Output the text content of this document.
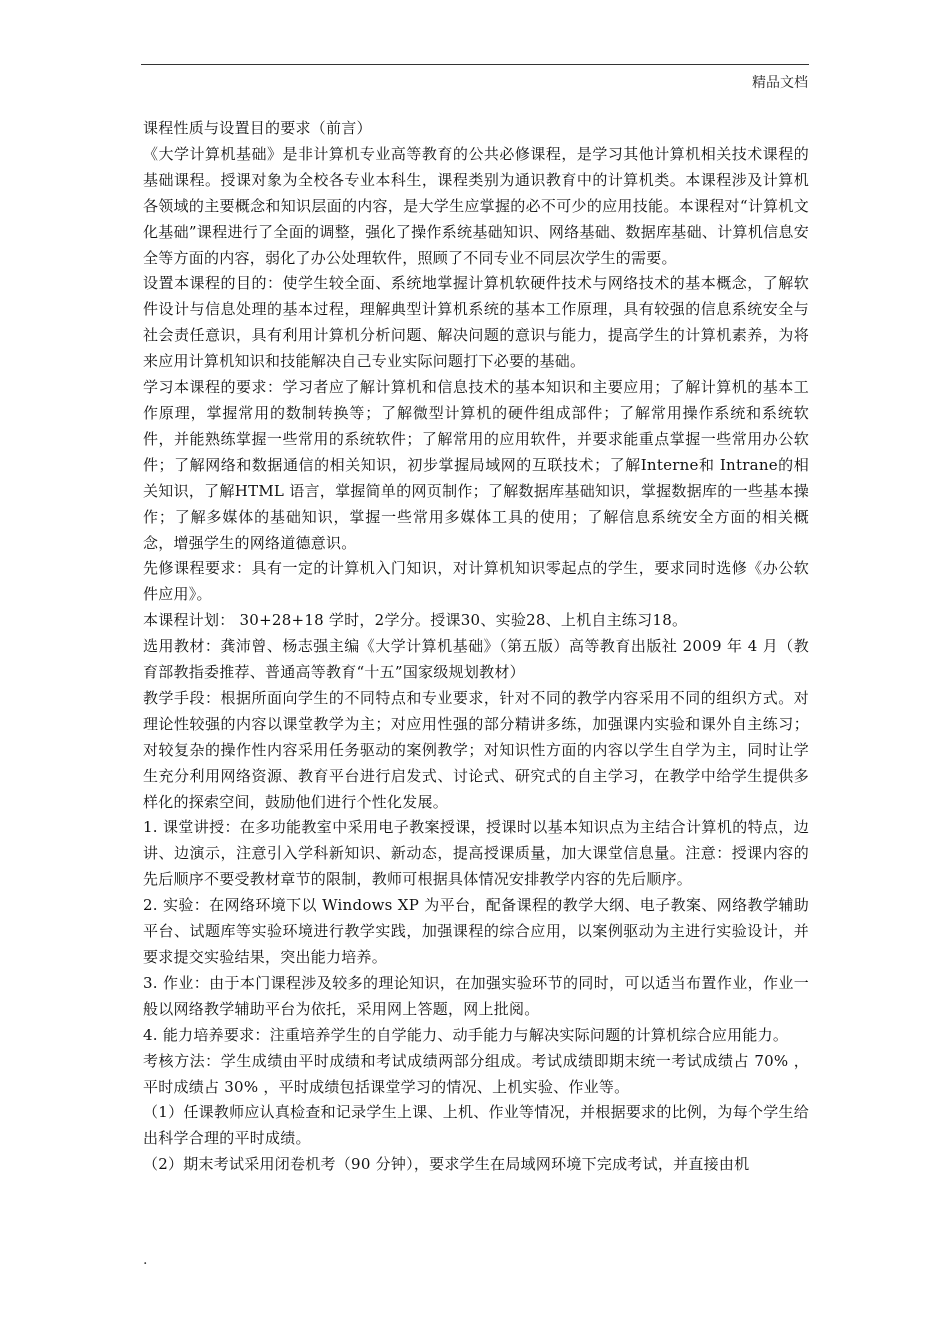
精品文档

课程性质与设置目的要求（前言）

《大学计算机基础》是非计算机专业高等教育的公共必修课程，是学习其他计算机相关技术课程的基础课程。授课对象为全校各专业本科生，课程类别为通识教育中的计算机类。本课程涉及计算机各领域的主要概念和知识层面的内容，是大学生应掌握的必不可少的应用技能。本课程对“计算机文化基础”课程进行了全面的调整，强化了操作系统基础知识、网络基础、数据库基础、计算机信息安全等方面的内容，弱化了办公处理软件，照顾了不同专业不同层次学生的需要。

设置本课程的目的：使学生较全面、系统地掌握计算机软硬件技术与网络技术的基本概念，了解软件设计与信息处理的基本过程，理解典型计算机系统的基本工作原理，具有较强的信息系统安全与社会责任意识，具有利用计算机分析问题、解决问题的意识与能力，提高学生的计算机素养，为将来应用计算机知识和技能解决自己专业实际问题打下必要的基础。

学习本课程的要求：学习者应了解计算机和信息技术的基本知识和主要应用；了解计算机的基本工作原理，掌握常用的数制转换等；了解微型计算机的硬件组成部件；了解常用操作系统和系统软件，并能熟练掌握一些常用的系统软件；了解常用的应用软件，并要求能重点掌握一些常用办公软件；了解网络和数据通信的相关知识，初步掌握局域网的互联技术；了解Interne和 Intrane的相关知识，了解HTML 语言，掌握简单的网页制作；了解数据库基础知识，掌握数据库的一些基本操作；了解多媒体的基础知识，掌握一些常用多媒体工具的使用；了解信息系统安全方面的相关概念，增强学生的网络道德意识。

先修课程要求：具有一定的计算机入门知识，对计算机知识零起点的学生，要求同时选修《办公软件应用》。

本课程计划： 30+28+18 学时，2学分。授课30、实验28、上机自主练习18。

选用教材：龚沛曾、杨志强主编《大学计算机基础》（第五版）高等教育出版社 2009 年 4 月（教育部教指委推荐、普通高等教育“十五”国家级规划教材）

教学手段：根据所面向学生的不同特点和专业要求，针对不同的教学内容采用不同的组织方式。对理论性较强的内容以课堂教学为主；对应用性强的部分精讲多练，加强课内实验和课外自主练习；对较复杂的操作性内容采用任务驱动的案例教学；对知识性方面的内容以学生自学为主，同时让学生充分利用网络资源、教育平台进行启发式、讨论式、研究式的自主学习，在教学中给学生提供多样化的探索空间，鼓励他们进行个性化发展。

1. 课堂讲授：在多功能教室中采用电子教案授课，授课时以基本知识点为主结合计算机的特点，边讲、边演示，注意引入学科新知识、新动态，提高授课质量，加大课堂信息量。注意：授课内容的先后顺序不要受教材章节的限制，教师可根据具体情况安排教学内容的先后顺序。

2. 实验：在网络环境下以 Windows XP 为平台，配备课程的教学大纲、电子教案、网络教学辅助平台、试题库等实验环境进行教学实践，加强课程的综合应用，以案例驱动为主进行实验设计，并要求提交实验结果，突出能力培养。

3. 作业：由于本门课程涉及较多的理论知识，在加强实验环节的同时，可以适当布置作业，作业一般以网络教学辅助平台为依托，采用网上答题，网上批阅。

4. 能力培养要求：注重培养学生的自学能力、动手能力与解决实际问题的计算机综合应用能力。

考核方法：学生成绩由平时成绩和考试成绩两部分组成。考试成绩即期末统一考试成绩占 70% ，平时成绩占 30% ，平时成绩包括课堂学习的情况、上机实验、作业等。

（1）任课教师应认真检查和记录学生上课、上机、作业等情况，并根据要求的比例，为每个学生给出科学合理的平时成绩。

（2）期末考试采用闭卷机考（90 分钟），要求学生在局域网环境下完成考试，并直接由机

.
